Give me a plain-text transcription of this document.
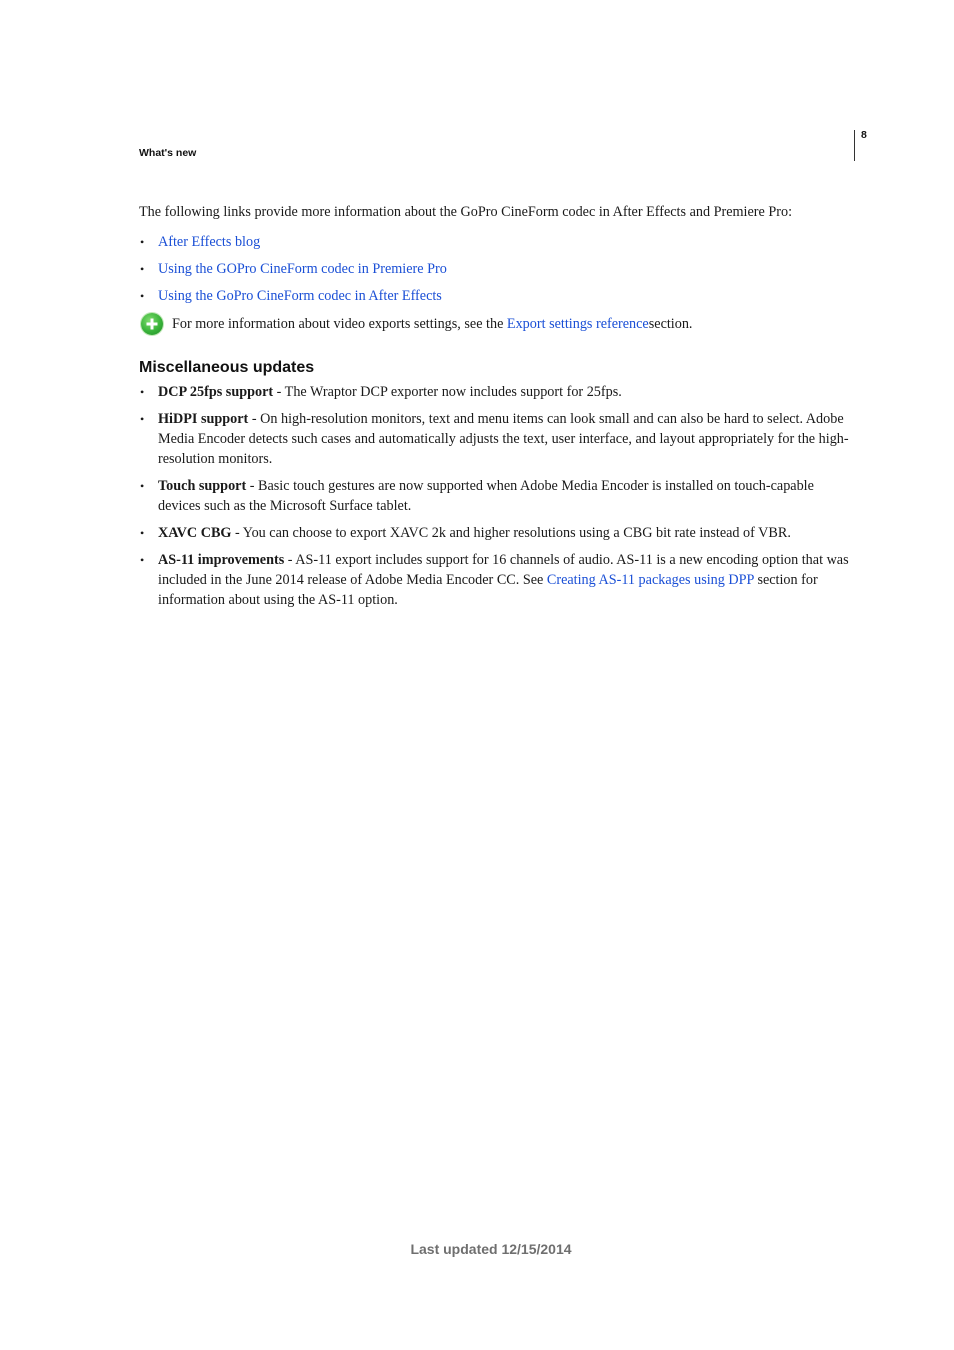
8
What's new

The following links provide more information about the GoPro CineForm codec in After Effects and Premiere Pro:

• After Effects blog
• Using the GOPro CineForm codec in Premiere Pro
• Using the GoPro CineForm codec in After Effects
For more information about video exports settings, see the Export settings referencesection.
Miscellaneous updates
• DCP 25fps support - The Wraptor DCP exporter now includes support for 25fps.
• HiDPI support - On high-resolution monitors, text and menu items can look small and can also be hard to select. Adobe Media Encoder detects such cases and automatically adjusts the text, user interface, and layout appropriately for the high-resolution monitors.
• Touch support - Basic touch gestures are now supported when Adobe Media Encoder is installed on touch-capable devices such as the Microsoft Surface tablet.
• XAVC CBG - You can choose to export XAVC 2k and higher resolutions using a CBG bit rate instead of VBR.
• AS-11 improvements - AS-11 export includes support for 16 channels of audio. AS-11 is a new encoding option that was included in the June 2014 release of Adobe Media Encoder CC. See Creating AS-11 packages using DPP section for information about using the AS-11 option.
Last updated 12/15/2014
